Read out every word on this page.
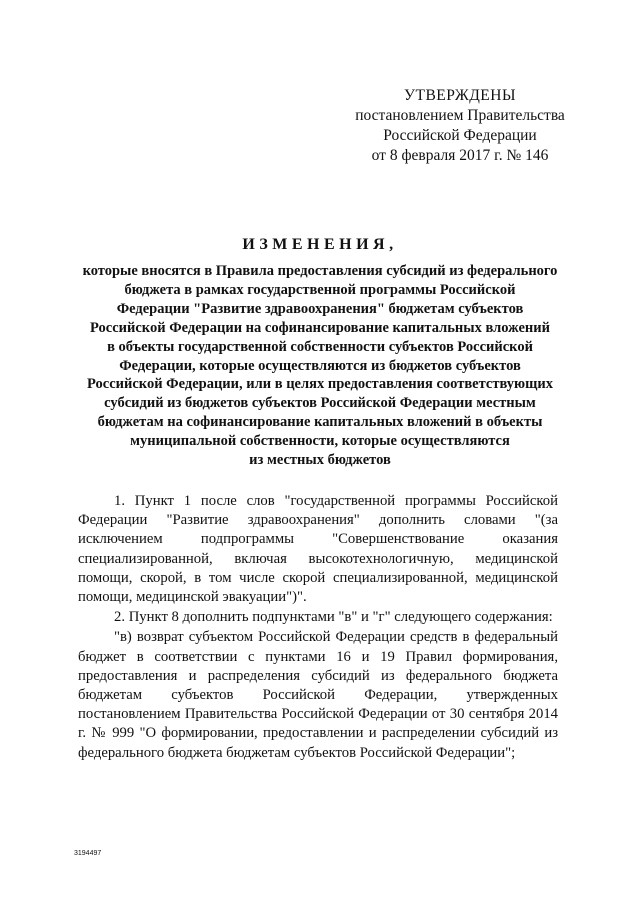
УТВЕРЖДЕНЫ
постановлением Правительства
Российской Федерации
от 8 февраля 2017 г. № 146
ИЗМЕНЕНИЯ,
которые вносятся в Правила предоставления субсидий из федерального
бюджета в рамках государственной программы Российской
Федерации "Развитие здравоохранения" бюджетам субъектов
Российской Федерации на софинансирование капитальных вложений
в объекты государственной собственности субъектов Российской
Федерации, которые осуществляются из бюджетов субъектов
Российской Федерации, или в целях предоставления соответствующих
субсидий из бюджетов субъектов Российской Федерации местным
бюджетам на софинансирование капитальных вложений в объекты
муниципальной собственности, которые осуществляются
из местных бюджетов

1. Пункт 1 после слов "государственной программы Российской Федерации "Развитие здравоохранения" дополнить словами "(за исключением подпрограммы "Совершенствование оказания специализированной, включая высокотехнологичную, медицинской помощи, скорой, в том числе скорой специализированной, медицинской помощи, медицинской эвакуации")".

2. Пункт 8 дополнить подпунктами "в" и "г" следующего содержания:

"в) возврат субъектом Российской Федерации средств в федеральный бюджет в соответствии с пунктами 16 и 19 Правил формирования, предоставления и распределения субсидий из федерального бюджета бюджетам субъектов Российской Федерации, утвержденных постановлением Правительства Российской Федерации от 30 сентября 2014 г. № 999 "О формировании, предоставлении и распределении субсидий из федерального бюджета бюджетам субъектов Российской Федерации";

3194497
